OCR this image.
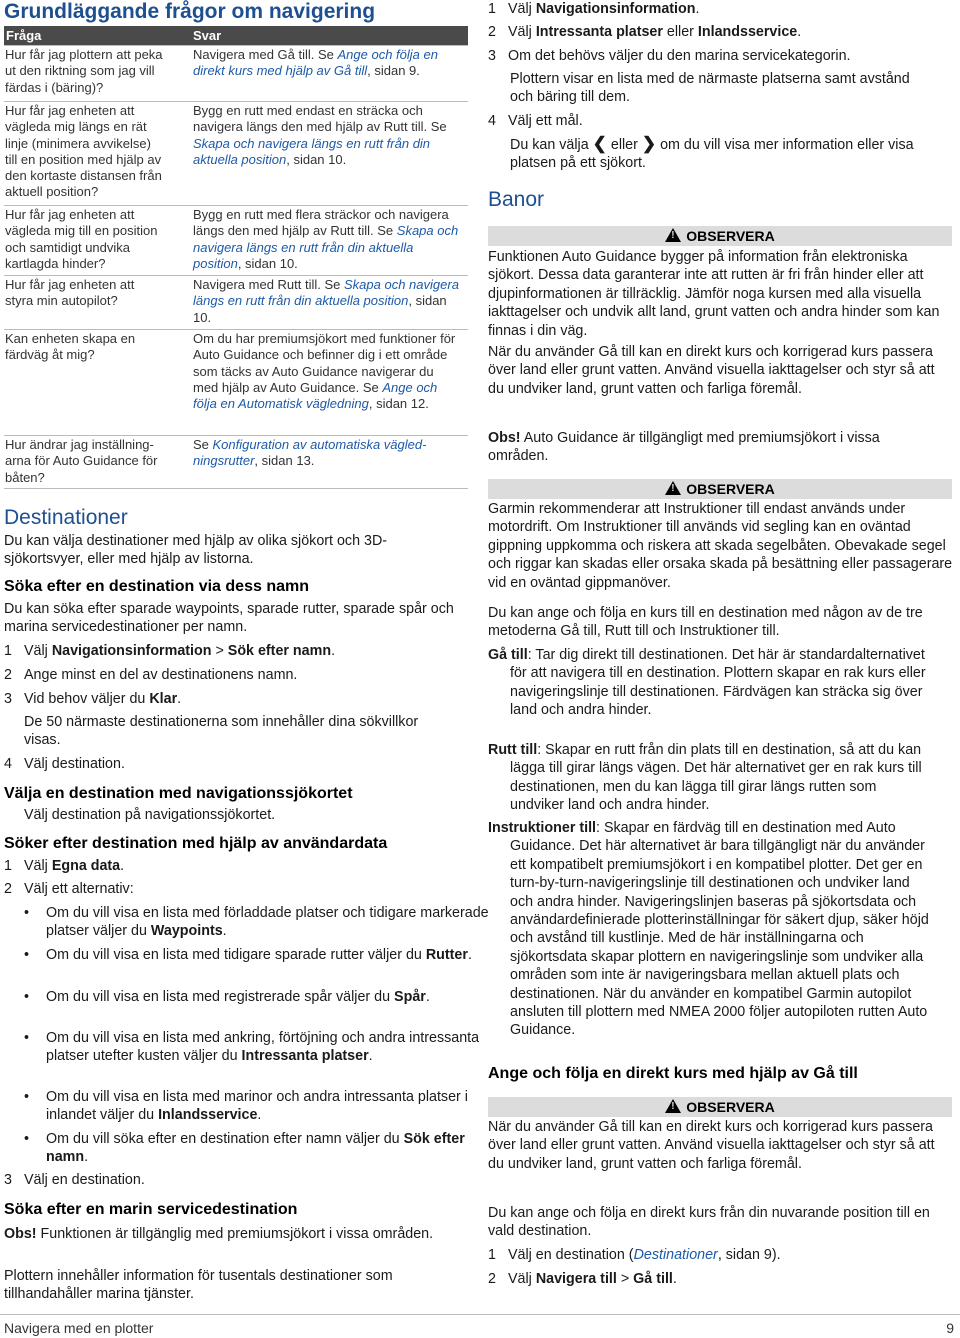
Grundläggande frågor om navigering
Fråga	Svar
Hur får jag plottern att peka
ut den riktning som jag vill
färdas i (bäring)?
Navigera med Gå till. Se Ange och följa en direkt kurs med hjälp av Gå till, sidan 9.
Hur får jag enheten att
vägleda mig längs en rät
linje (minimera avvikelse)
till en position med hjälp av
den kortaste distansen från
aktuell position?
Bygg en rutt med endast en sträcka och navigera längs den med hjälp av Rutt till. Se Skapa och navigera längs en rutt från din aktuella position, sidan 10.
Hur får jag enheten att
vägleda mig till en position
och samtidigt undvika
kartlagda hinder?
Bygg en rutt med flera sträckor och navigera längs den med hjälp av Rutt till. Se Skapa och navigera längs en rutt från din aktuella position, sidan 10.
Hur får jag enheten att
styra min autopilot?
Navigera med Rutt till. Se Skapa och navigera längs en rutt från din aktuella position, sidan 10.
Kan enheten skapa en
färdväg åt mig?
Om du har premiumsjökort med funktioner för Auto Guidance och befinner dig i ett område som täcks av Auto Guidance navigerar du med hjälp av Auto Guidance. Se Ange och följa en Automatisk vägledning, sidan 12.
Hur ändrar jag inställning-
arna för Auto Guidance för
båten?
Se Konfiguration av automatiska vägledningsrutter, sidan 13.
Destinationer
Du kan välja destinationer med hjälp av olika sjökort och 3D-sjökortsvyer, eller med hjälp av listorna.
Söka efter en destination via dess namn
Du kan söka efter sparade waypoints, sparade rutter, sparade spår och marina servicedestinationer per namn.
1 Välj Navigationsinformation > Sök efter namn.
2 Ange minst en del av destinationens namn.
3 Vid behov väljer du Klar.
De 50 närmaste destinationerna som innehåller dina sökvillkor visas.
4 Välj destination.
Välja en destination med navigationssjökortet
Välj destination på navigationssjökortet.
Söker efter destination med hjälp av användardata
1 Välj Egna data.
2 Välj ett alternativ:
• Om du vill visa en lista med förladdade platser och tidigare markerade platser väljer du Waypoints.
• Om du vill visa en lista med tidigare sparade rutter väljer du Rutter.
• Om du vill visa en lista med registrerade spår väljer du Spår.
• Om du vill visa en lista med ankring, förtöjning och andra intressanta platser utefter kusten väljer du Intressanta platser.
• Om du vill visa en lista med marinor och andra intressanta platser i inlandet väljer du Inlandsservice.
• Om du vill söka efter en destination efter namn väljer du Sök efter namn.
3 Välj en destination.
Söka efter en marin servicedestination
Obs! Funktionen är tillgänglig med premiumsjökort i vissa områden.
Plottern innehåller information för tusentals destinationer som tillhandahåller marina tjänster.
1 Välj Navigationsinformation.
2 Välj Intressanta platser eller Inlandsservice.
3 Om det behövs väljer du den marina servicekategorin.
Plottern visar en lista med de närmaste platserna samt avstånd och bäring till dem.
4 Välj ett mål.
Du kan välja ❮ eller ❯ om du vill visa mer information eller visa platsen på ett sjökort.
Banor
! OBSERVERA
Funktionen Auto Guidance bygger på information från elektroniska sjökort. Dessa data garanterar inte att rutten är fri från hinder eller att djupinformationen är tillräcklig. Jämför noga kursen med alla visuella iakttagelser och undvik allt land, grunt vatten och andra hinder som kan finnas i din väg.
När du använder Gå till kan en direkt kurs och korrigerad kurs passera över land eller grunt vatten. Använd visuella iakttagelser och styr så att du undviker land, grunt vatten och farliga föremål.
Obs! Auto Guidance är tillgängligt med premiumsjökort i vissa områden.
! OBSERVERA
Garmin rekommenderar att Instruktioner till endast används under motordrift. Om Instruktioner till används vid segling kan en oväntad gippning uppkomma och riskera att skada segelbåten. Obevakade segel och riggar kan skadas eller orsaka skada på besättning eller passagerare vid en oväntad gippmanöver.
Du kan ange och följa en kurs till en destination med någon av de tre metoderna Gå till, Rutt till och Instruktioner till.
Gå till: Tar dig direkt till destinationen. Det här är standardalternativet för att navigera till en destination. Plottern skapar en rak kurs eller navigeringslinje till destinationen. Färdvägen kan sträcka sig över land och andra hinder.
Rutt till: Skapar en rutt från din plats till en destination, så att du kan lägga till girar längs vägen. Det här alternativet ger en rak kurs till destinationen, men du kan lägga till girar längs rutten som undviker land och andra hinder.
Instruktioner till: Skapar en färdväg till en destination med Auto Guidance. Det här alternativet är bara tillgängligt när du använder ett kompatibelt premiumsjökort i en kompatibel plotter. Det ger en turn-by-turn-navigeringslinje till destinationen och undviker land och andra hinder. Navigeringslinjen baseras på sjökortsdata och användardefinierade plotterinställningar för säkert djup, säker höjd och avstånd till kustlinje. Med de här inställningarna och sjökortsdata skapar plottern en navigeringslinje som undviker alla områden som inte är navigeringsbara mellan aktuell plats och destinationen. När du använder en kompatibel Garmin autopilot ansluten till plottern med NMEA 2000 följer autopiloten rutten Auto Guidance.
Ange och följa en direkt kurs med hjälp av Gå till
! OBSERVERA
När du använder Gå till kan en direkt kurs och korrigerad kurs passera över land eller grunt vatten. Använd visuella iakttagelser och styr så att du undviker land, grunt vatten och farliga föremål.
Du kan ange och följa en direkt kurs från din nuvarande position till en vald destination.
1 Välj en destination (Destinationer, sidan 9).
2 Välj Navigera till > Gå till.
Navigera med en plotter	9
